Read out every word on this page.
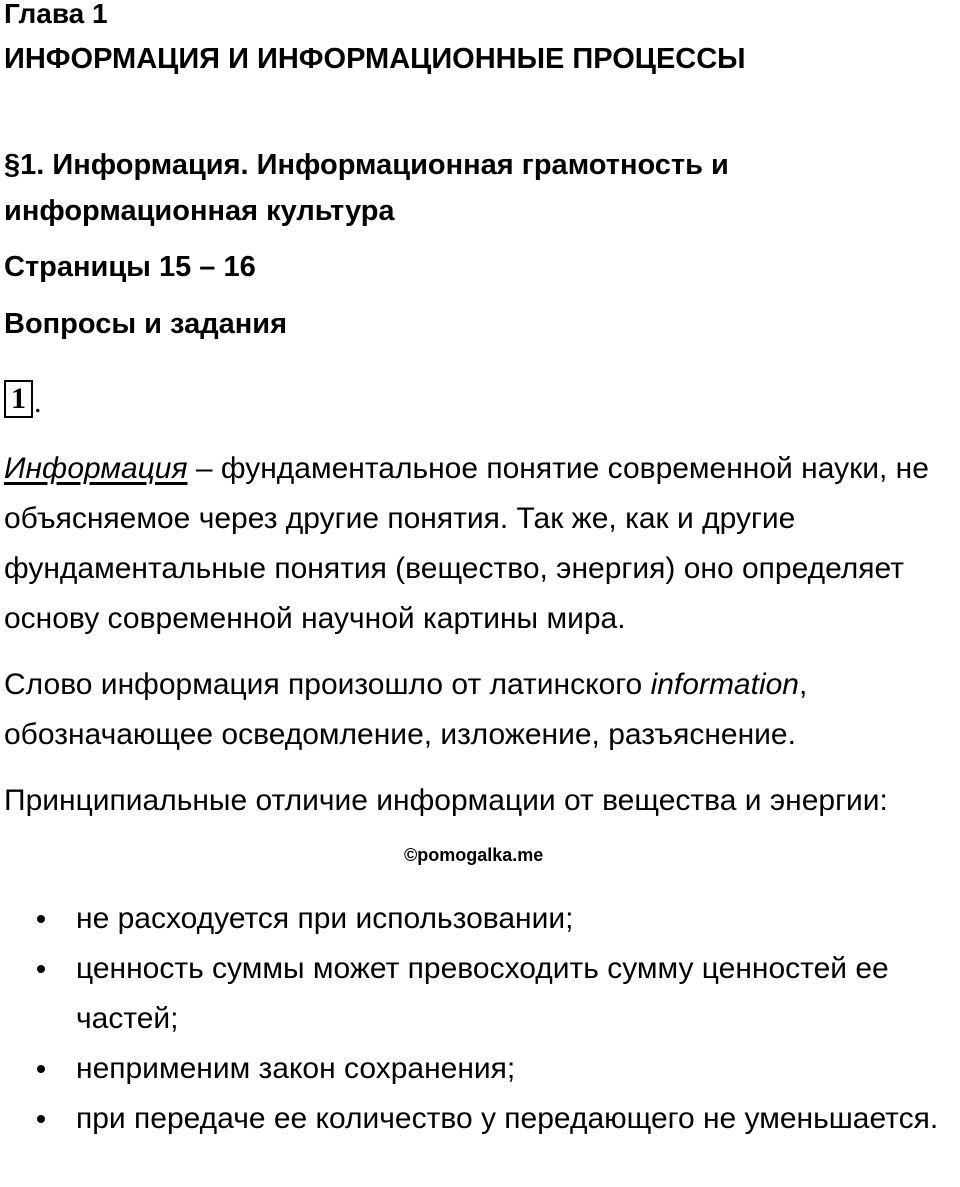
Глава 1
ИНФОРМАЦИЯ И ИНФОРМАЦИОННЫЕ ПРОЦЕССЫ
§1. Информация. Информационная грамотность и информационная культура
Страницы 15 – 16
Вопросы и задания
1 .
Информация – фундаментальное понятие современной науки, не объясняемое через другие понятия. Так же, как и другие фундаментальные понятия (вещество, энергия) оно определяет основу современной научной картины мира.
Слово информация произошло от латинского information, обозначающее осведомление, изложение, разъяснение.
Принципиальные отличие информации от вещества и энергии:
©pomogalka.me
не расходуется при использовании;
ценность суммы может превосходить сумму ценностей ее частей;
неприменим закон сохранения;
при передаче ее количество у передающего не уменьшается.
